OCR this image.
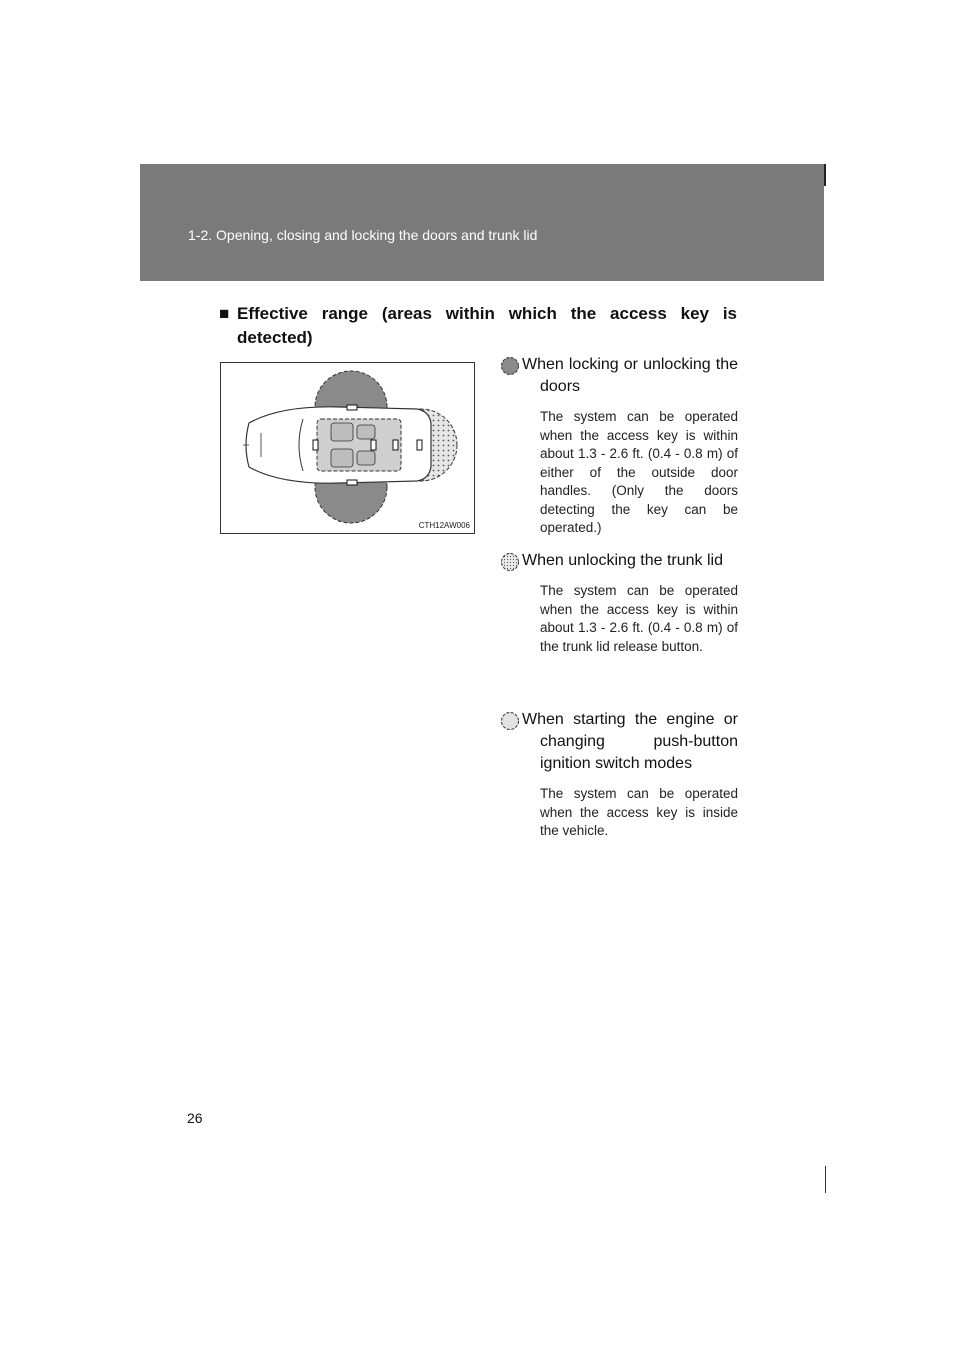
1-2. Opening, closing and locking the doors and trunk lid
■ Effective range (areas within which the access key is detected)
CTH12AW006
When locking or unlocking the doors
The system can be operated when the access key is within about 1.3 - 2.6 ft. (0.4 - 0.8 m) of either of the outside door handles. (Only the doors detecting the key can be operated.)
When unlocking the trunk lid
The system can be operated when the access key is within about 1.3 - 2.6 ft. (0.4 - 0.8 m) of the trunk lid release button.
When starting the engine or changing push-button ignition switch modes
The system can be operated when the access key is inside the vehicle.
26
